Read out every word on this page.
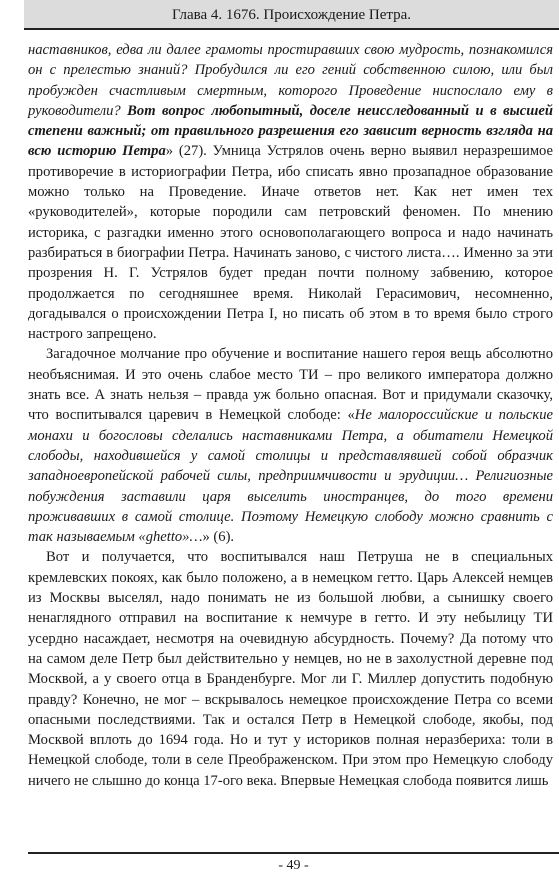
Глава 4. 1676. Происхождение Петра.

наставников, едва ли далее грамоты простиравших свою мудрость, познакомился он с прелестью знаний? Пробудился ли его гений собственною силою, или был пробужден счастливым смертным, которого Проведение ниспослало ему в руководители? Вот вопрос любопытный, доселе неисследованный и в высшей степени важный; от правильного разрешения его зависит верность взгляда на всю историю Петра» (27). Умница Устрялов очень верно выявил неразрешимое противоречие в историографии Петра, ибо списать явно прозападное образование можно только на Проведение. Иначе ответов нет. Как нет имен тех «руководителей», которые породили сам петровский феномен. По мнению историка, с разгадки именно этого основополагающего вопроса и надо начинать разбираться в биографии Петра. Начинать заново, с чистого листа…. Именно за эти прозрения Н. Г. Устрялов будет предан почти полному забвению, которое продолжается по сегодняшнее время. Николай Герасимович, несомненно, догадывался о происхождении Петра I, но писать об этом в то время было строго настрого запрещено.

Загадочное молчание про обучение и воспитание нашего героя вещь абсолютно необъяснимая. И это очень слабое место ТИ – про великого императора должно знать все. А знать нельзя – правда уж больно опасная. Вот и придумали сказочку, что воспитывался царевич в Немецкой слободе: «Не малороссийские и польские монахи и богословы сделались наставниками Петра, а обитатели Немецкой слободы, находившейся у самой столицы и представлявшей собой образчик западноевропейской рабочей силы, предприимчивости и эрудиции… Религиозные побуждения заставили царя выселить иностранцев, до того времени проживавших в самой столице. Поэтому Немецкую слободу можно сравнить с так называемым «ghetto»…» (6).

Вот и получается, что воспитывался наш Петруша не в специальных кремлевских покоях, как было положено, а в немецком гетто. Царь Алексей немцев из Москвы выселял, надо понимать не из большой любви, а сынишку своего ненаглядного отправил на воспитание к немчуре в гетто. И эту небылицу ТИ усердно насаждает, несмотря на очевидную абсурдность. Почему? Да потому что на самом деле Петр был действительно у немцев, но не в захолустной деревне под Москвой, а у своего отца в Бранденбурге. Мог ли Г. Миллер допустить подобную правду? Конечно, не мог – вскрывалось немецкое происхождение Петра со всеми опасными последствиями. Так и остался Петр в Немецкой слободе, якобы, под Москвой вплоть до 1694 года. Но и тут у историков полная неразбериха: толи в Немецкой слободе, толи в селе Преображенском. При этом про Немецкую слободу ничего не слышно до конца 17-ого века. Впервые Немецкая слобода появится лишь

- 49 -
